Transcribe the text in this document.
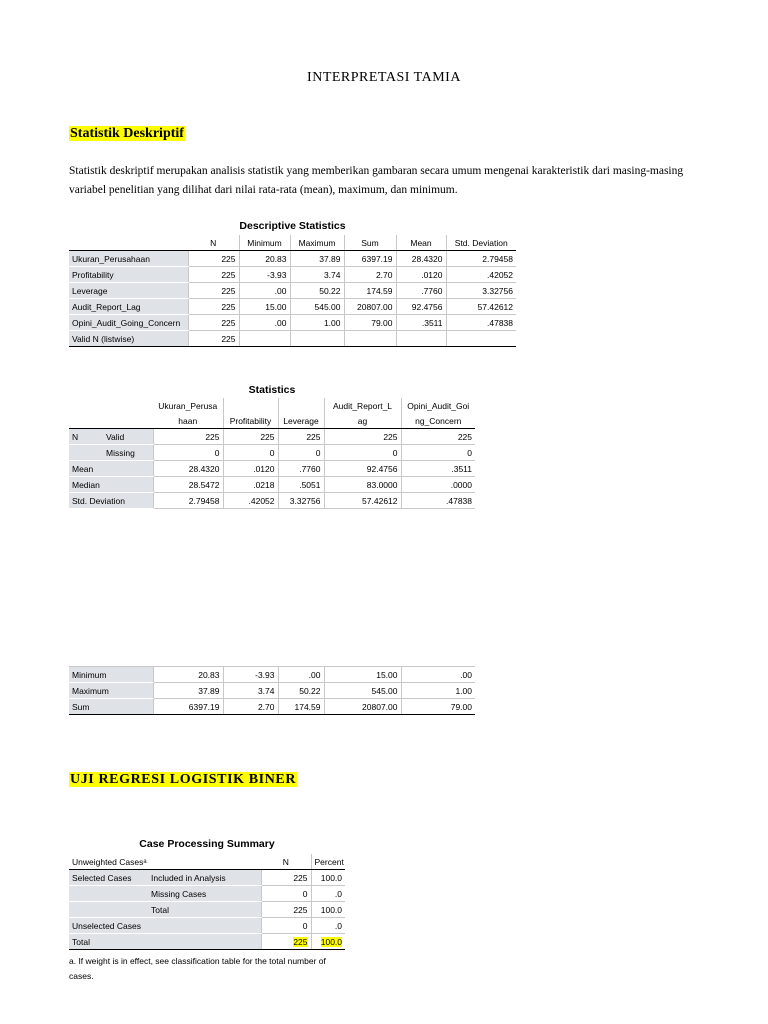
INTERPRETASI TAMIA
Statistik Deskriptif
Statistik deskriptif merupakan analisis statistik yang memberikan gambaran secara umum mengenai karakteristik dari masing-masing
variabel penelitian yang dilihat dari nilai rata-rata (mean), maximum, dan minimum.
Descriptive Statistics
	N	Minimum	Maximum	Sum	Mean	Std. Deviation
Ukuran_Perusahaan	225	20.83	37.89	6397.19	28.4320	2.79458
Profitability	225	-3.93	3.74	2.70	.0120	.42052
Leverage	225	.00	50.22	174.59	.7760	3.32756
Audit_Report_Lag	225	15.00	545.00	20807.00	92.4756	57.42612
Opini_Audit_Going_Concern	225	.00	1.00	79.00	.3511	.47838
Valid N (listwise)	225					
Statistics
		Ukuran_Perusa			Audit_Report_L	Opini_Audit_Goi
		haan	Profitability	Leverage	ag	ng_Concern
N	Valid	225	225	225	225	225
	Missing	0	0	0	0	0
Mean		28.4320	.0120	.7760	92.4756	.3511
Median		28.5472	.0218	.5051	83.0000	.0000
Std. Deviation		2.79458	.42052	3.32756	57.42612	.47838
Minimum	20.83	-3.93	.00	15.00	.00
Maximum	37.89	3.74	50.22	545.00	1.00
Sum	6397.19	2.70	174.59	20807.00	79.00
UJI REGRESI LOGISTIK BINER
Case Processing Summary
Unweighted Casesᵃ		N	Percent
Selected Cases	Included in Analysis	225	100.0
	Missing Cases	0	.0
	Total	225	100.0
Unselected Cases		0	.0
Total		225	100.0
a. If weight is in effect, see classification table for the total number of
cases.
